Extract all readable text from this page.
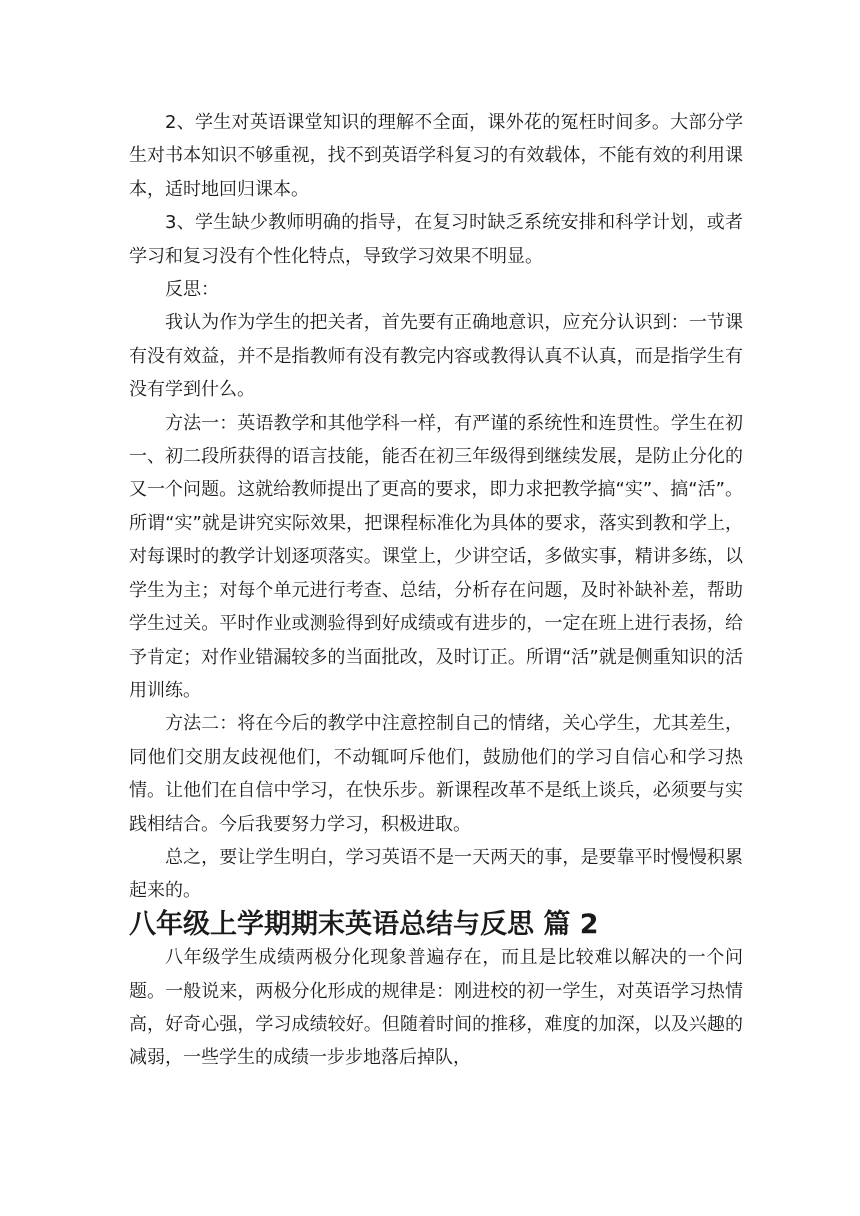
2、学生对英语课堂知识的理解不全面，课外花的冤枉时间多。大部分学生对书本知识不够重视，找不到英语学科复习的有效载体，不能有效的利用课本，适时地回归课本。

3、学生缺少教师明确的指导，在复习时缺乏系统安排和科学计划，或者学习和复习没有个性化特点，导致学习效果不明显。

反思：

我认为作为学生的把关者，首先要有正确地意识，应充分认识到：一节课有没有效益，并不是指教师有没有教完内容或教得认真不认真，而是指学生有没有学到什么。

方法一：英语教学和其他学科一样，有严谨的系统性和连贯性。学生在初一、初二段所获得的语言技能，能否在初三年级得到继续发展，是防止分化的又一个问题。这就给教师提出了更高的要求，即力求把教学搞“实”、搞“活”。所谓“实”就是讲究实际效果，把课程标准化为具体的要求，落实到教和学上，对每课时的教学计划逐项落实。课堂上，少讲空话，多做实事，精讲多练，以学生为主；对每个单元进行考查、总结，分析存在问题，及时补缺补差，帮助学生过关。平时作业或测验得到好成绩或有进步的，一定在班上进行表扬，给予肯定；对作业错漏较多的当面批改，及时订正。所谓“活”就是侧重知识的活用训练。

方法二：将在今后的教学中注意控制自己的情绪，关心学生，尤其差生，同他们交朋友歧视他们，不动辄呵斥他们，鼓励他们的学习自信心和学习热情。让他们在自信中学习，在快乐步。新课程改革不是纸上谈兵，必须要与实践相结合。今后我要努力学习，积极进取。

总之，要让学生明白，学习英语不是一天两天的事，是要靠平时慢慢积累起来的。

八年级上学期期末英语总结与反思 篇 2

八年级学生成绩两极分化现象普遍存在，而且是比较难以解决的一个问题。一般说来，两极分化形成的规律是：刚进校的初一学生，对英语学习热情高，好奇心强，学习成绩较好。但随着时间的推移，难度的加深，以及兴趣的减弱，一些学生的成绩一步步地落后掉队，
